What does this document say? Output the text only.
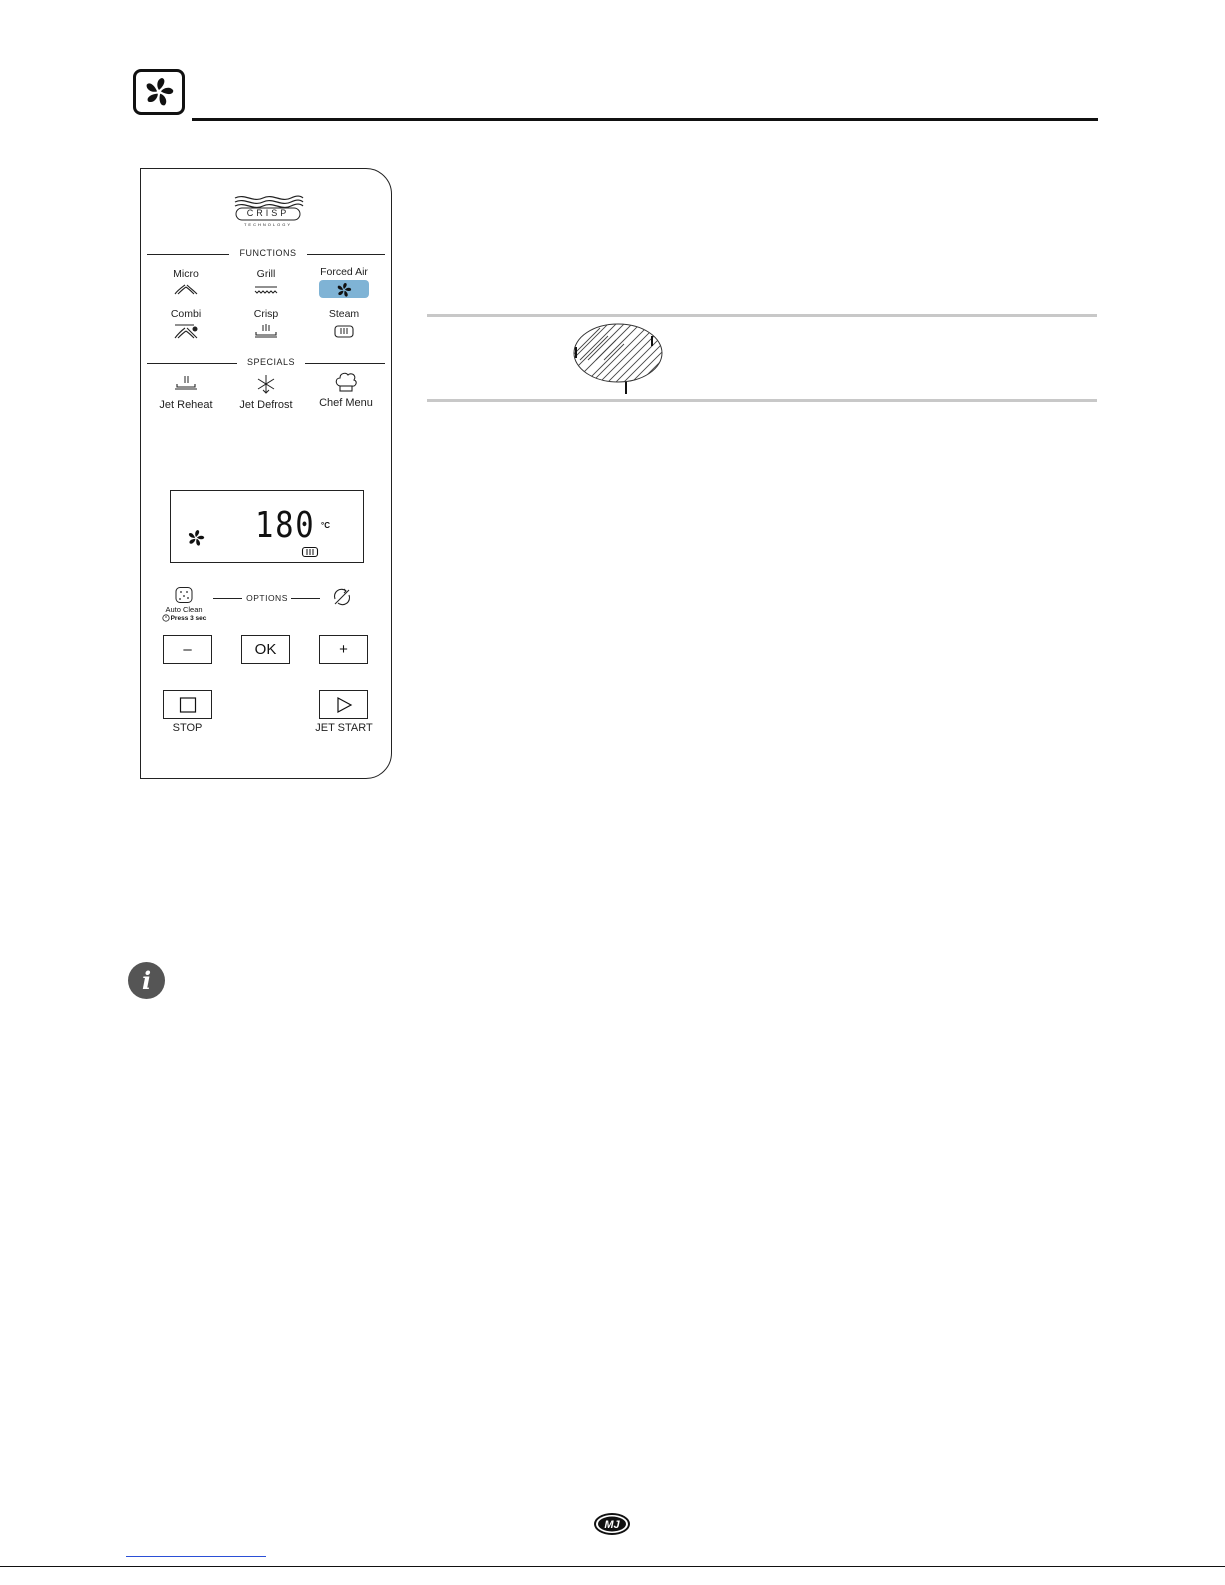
CRISP
TECHNOLOGY
FUNCTIONS
Micro	Grill	Forced Air
Combi	Crisp	Steam
SPECIALS
Jet Reheat	Jet Defrost	Chef Menu
180 °C
Auto Clean
Press 3 sec
OPTIONS
–	OK	+
STOP	JET START
i
MJ
